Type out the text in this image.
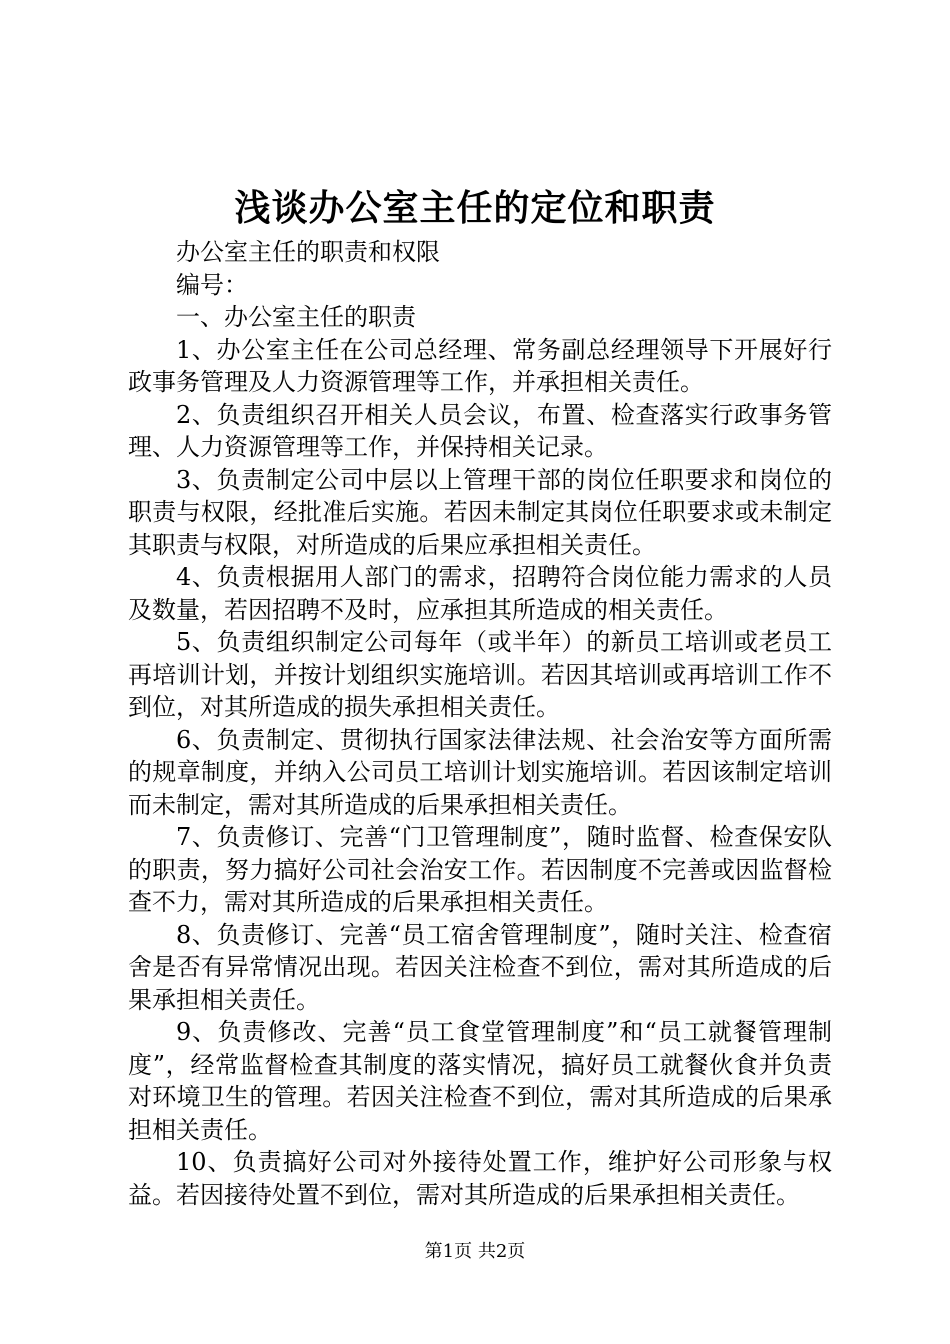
浅谈办公室主任的定位和职责

办公室主任的职责和权限

编号：

一、办公室主任的职责

1、办公室主任在公司总经理、常务副总经理领导下开展好行政事务管理及人力资源管理等工作，并承担相关责任。

2、负责组织召开相关人员会议，布置、检查落实行政事务管理、人力资源管理等工作，并保持相关记录。

3、负责制定公司中层以上管理干部的岗位任职要求和岗位的职责与权限，经批准后实施。若因未制定其岗位任职要求或未制定其职责与权限，对所造成的后果应承担相关责任。

4、负责根据用人部门的需求，招聘符合岗位能力需求的人员及数量，若因招聘不及时，应承担其所造成的相关责任。

5、负责组织制定公司每年（或半年）的新员工培训或老员工再培训计划，并按计划组织实施培训。若因其培训或再培训工作不到位，对其所造成的损失承担相关责任。

6、负责制定、贯彻执行国家法律法规、社会治安等方面所需的规章制度，并纳入公司员工培训计划实施培训。若因该制定培训而未制定，需对其所造成的后果承担相关责任。

7、负责修订、完善“门卫管理制度”，随时监督、检查保安队的职责，努力搞好公司社会治安工作。若因制度不完善或因监督检查不力，需对其所造成的后果承担相关责任。

8、负责修订、完善“员工宿舍管理制度”，随时关注、检查宿舍是否有异常情况出现。若因关注检查不到位，需对其所造成的后果承担相关责任。

9、负责修改、完善“员工食堂管理制度”和“员工就餐管理制度”，经常监督检查其制度的落实情况，搞好员工就餐伙食并负责对环境卫生的管理。若因关注检查不到位，需对其所造成的后果承担相关责任。

10、负责搞好公司对外接待处置工作，维护好公司形象与权益。若因接待处置不到位，需对其所造成的后果承担相关责任。

第1页 共2页
